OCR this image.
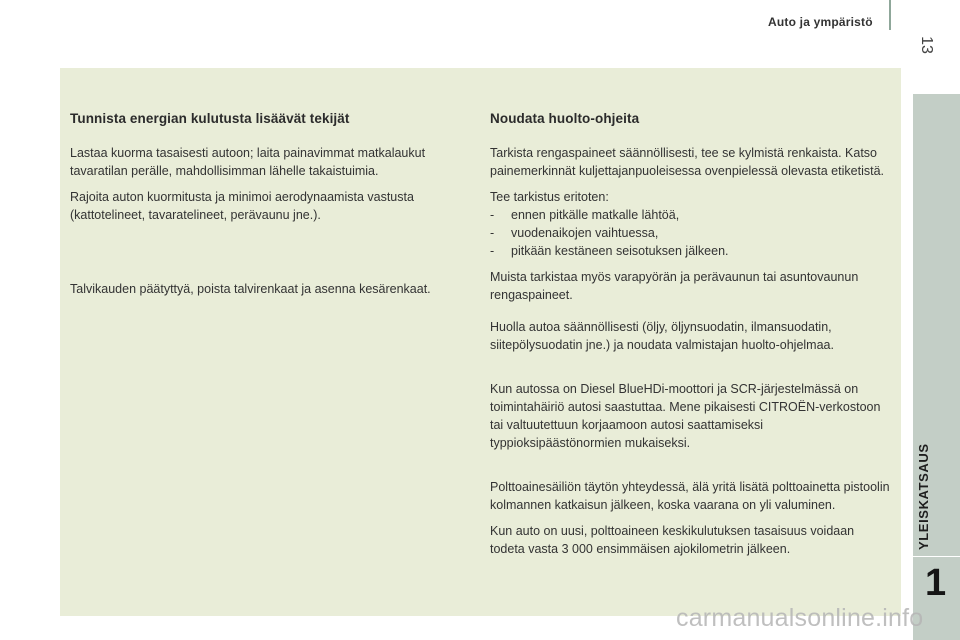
Auto ja ympäristö
13
Tunnista energian kulutusta lisäävät tekijät

Lastaa kuorma tasaisesti autoon; laita painavimmat matkalaukut tavaratilan perälle, mahdollisimman lähelle takaistuimia.

Rajoita auton kuormitusta ja minimoi aerodynaamista vastusta (kattotelineet, tavaratelineet, perävaunu jne.).

Talvikauden päätyttyä, poista talvirenkaat ja asenna kesärenkaat.

Noudata huolto-ohjeita

Tarkista rengaspaineet säännöllisesti, tee se kylmistä renkaista. Katso painemerkinnät kuljettajanpuoleisessa ovenpielessä olevasta etiketistä.

Tee tarkistus eritoten:

-	ennen pitkälle matkalle lähtöä,
-	vuodenaikojen vaihtuessa,
-	pitkään kestäneen seisotuksen jälkeen.

Muista tarkistaa myös varapyörän ja perävaunun tai asuntovaunun rengaspaineet.

Huolla autoa säännöllisesti (öljy, öljynsuodatin, ilmansuodatin, siitepölysuodatin jne.) ja noudata valmistajan huolto-ohjelmaa.

Kun autossa on Diesel BlueHDi-moottori ja SCR-järjestelmässä on toimintahäiriö autosi saastuttaa. Mene pikaisesti CITROËN-verkostoon tai valtuutettuun korjaamoon autosi saattamiseksi typpioksipäästönormien mukaiseksi.

Polttoainesäiliön täytön yhteydessä, älä yritä lisätä polttoainetta pistoolin kolmannen katkaisun jälkeen, koska vaarana on yli valuminen.

Kun auto on uusi, polttoaineen keskikulutuksen tasaisuus voidaan todeta vasta 3 000 ensimmäisen ajokilometrin jälkeen.	YLEISKATSAUS
1
carmanualsonline.info
